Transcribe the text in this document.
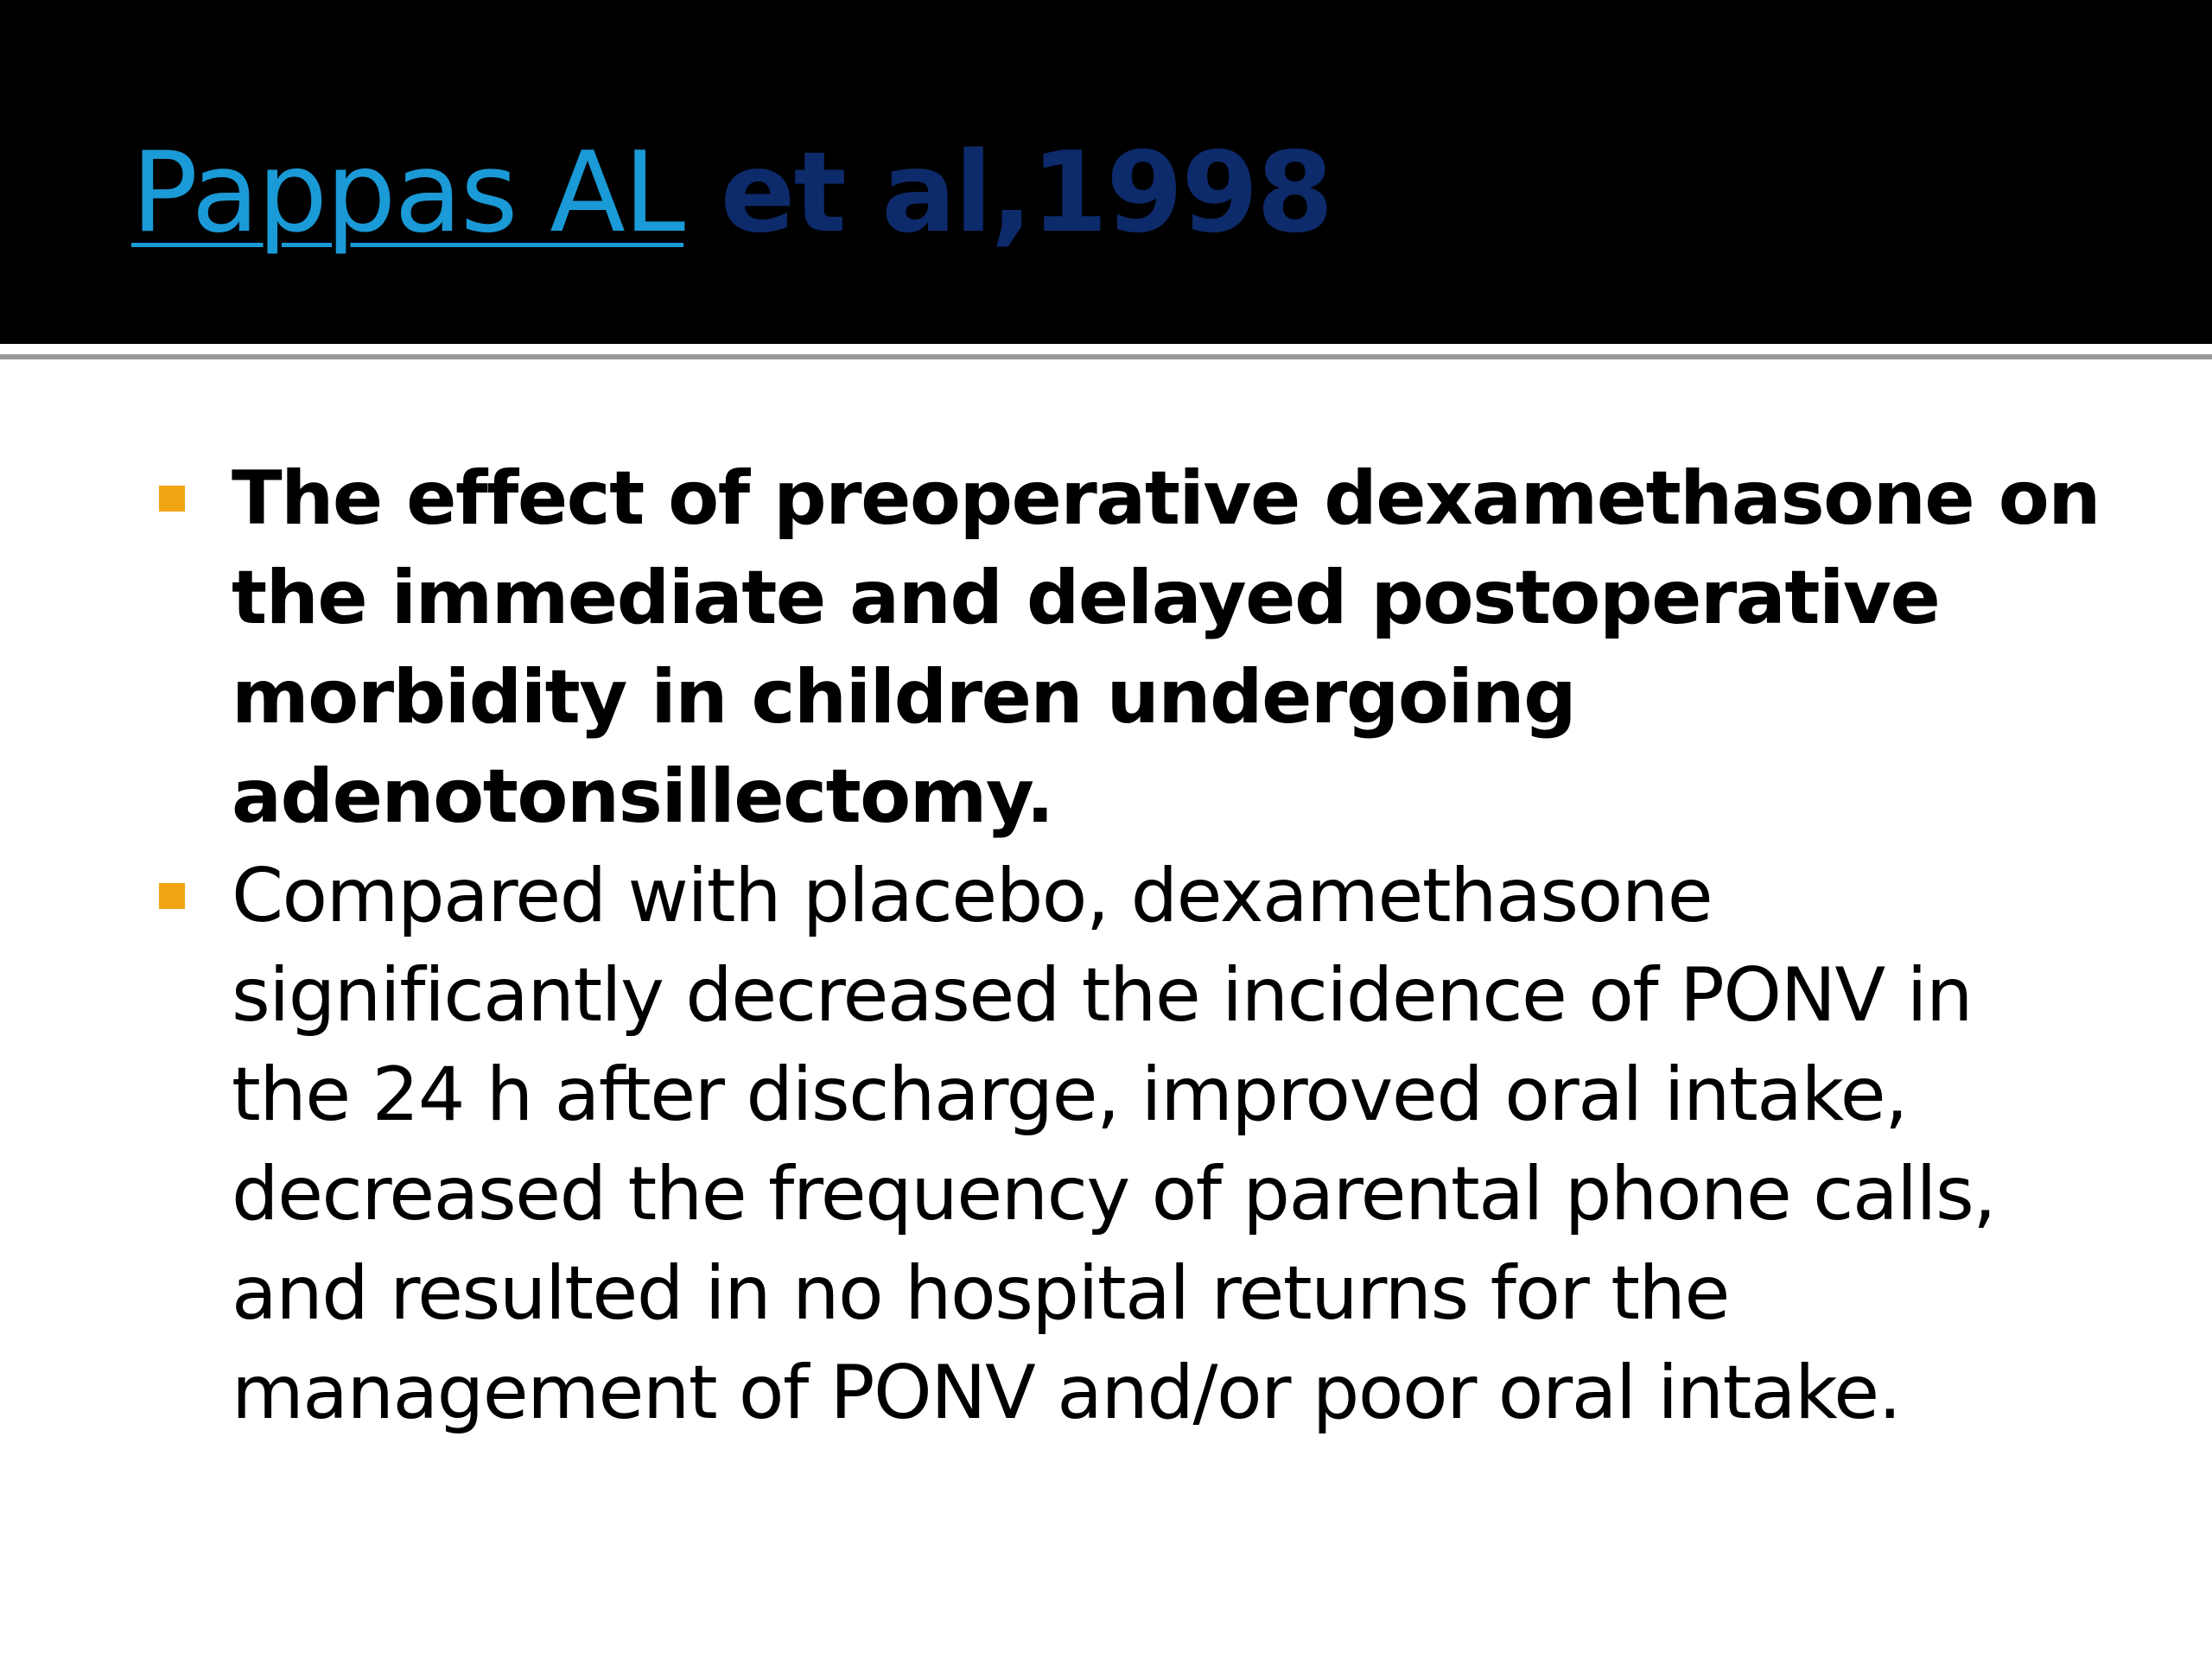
Pappas AL et al,1998
The effect of preoperative dexamethasone on the immediate and delayed postoperative morbidity in children undergoing adenotonsillectomy.
Compared with placebo, dexamethasone significantly decreased the incidence of PONV in the 24 h after discharge, improved oral intake, decreased the frequency of parental phone calls, and resulted in no hospital returns for the management of PONV and/or poor oral intake.
